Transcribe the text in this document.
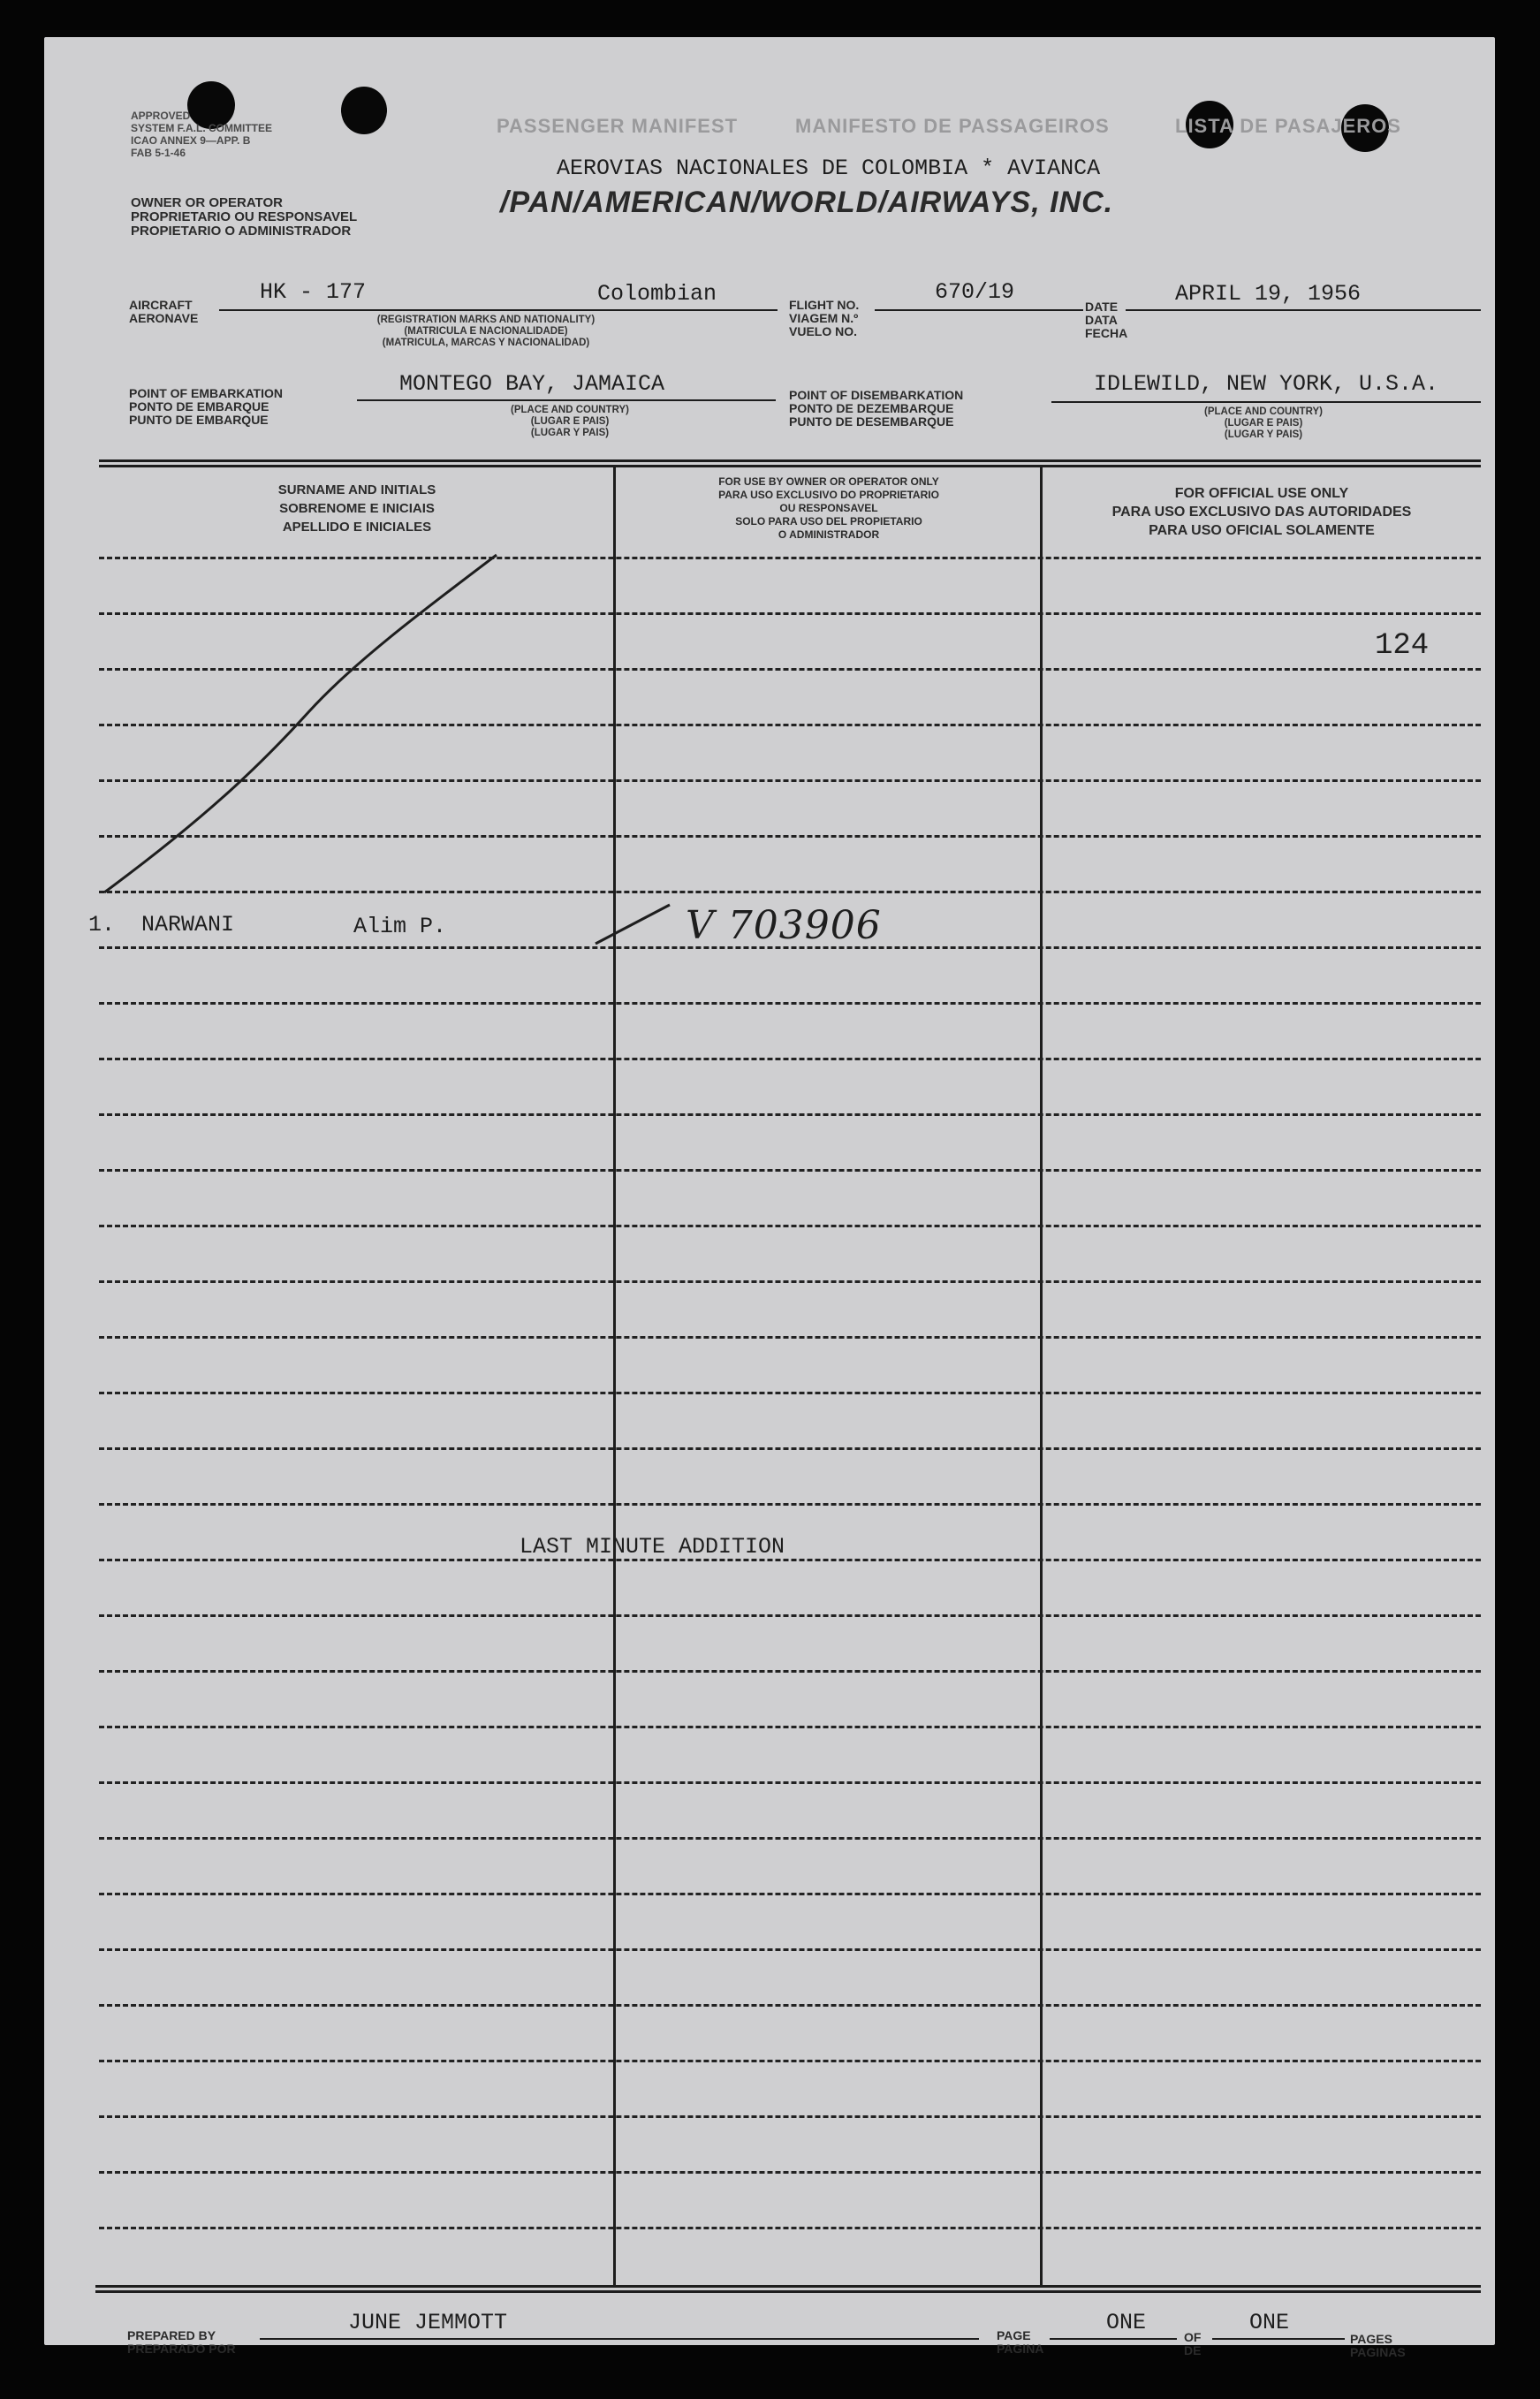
APPROVED
SYSTEM F.A.L. COMMITTEE
ICAO ANNEX 9—APP. B
FAB 5-1-46
PASSENGER MANIFEST	MANIFESTO DE PASSAGEIROS	LISTA DE PASAJEROS
AEROVIAS NACIONALES DE COLOMBIA * AVIANCA
/PAN/AMERICAN/WORLD/AIRWAYS, INC.
OWNER OR OPERATOR
PROPRIETARIO OU RESPONSAVEL
PROPIETARIO O ADMINISTRADOR
AIRCRAFT
AERONAVE
HK - 177	Colombian
(REGISTRATION MARKS AND NATIONALITY)
(MATRICULA E NACIONALIDADE)
(MATRICULA, MARCAS Y NACIONALIDAD)
FLIGHT NO.
VIAGEM N.º
VUELO NO.
670/19
DATE
DATA
FECHA
APRIL 19, 1956
POINT OF EMBARKATION
PONTO DE EMBARQUE
PUNTO DE EMBARQUE
MONTEGO BAY, JAMAICA
(PLACE AND COUNTRY)
(LUGAR E PAIS)
(LUGAR Y PAIS)
POINT OF DISEMBARKATION
PONTO DE DEZEMBARQUE
PUNTO DE DESEMBARQUE
IDLEWILD, NEW YORK, U.S.A.
(PLACE AND COUNTRY)
(LUGAR E PAIS)
(LUGAR Y PAIS)
SURNAME AND INITIALS
SOBRENOME E INICIAIS
APELLIDO E INICIALES
FOR USE BY OWNER OR OPERATOR ONLY
PARA USO EXCLUSIVO DO PROPRIETARIO
OU RESPONSAVEL
SOLO PARA USO DEL PROPIETARIO
O ADMINISTRADOR
FOR OFFICIAL USE ONLY
PARA USO EXCLUSIVO DAS AUTORIDADES
PARA USO OFICIAL SOLAMENTE
124
1. NARWANI	Alim P.	V 703906
LAST MINUTE ADDITION
PREPARED BY
PREPARADO POR
JUNE JEMMOTT	PAGE
PAGINA
ONE
OF
DE
ONE
PAGES
PAGINAS
